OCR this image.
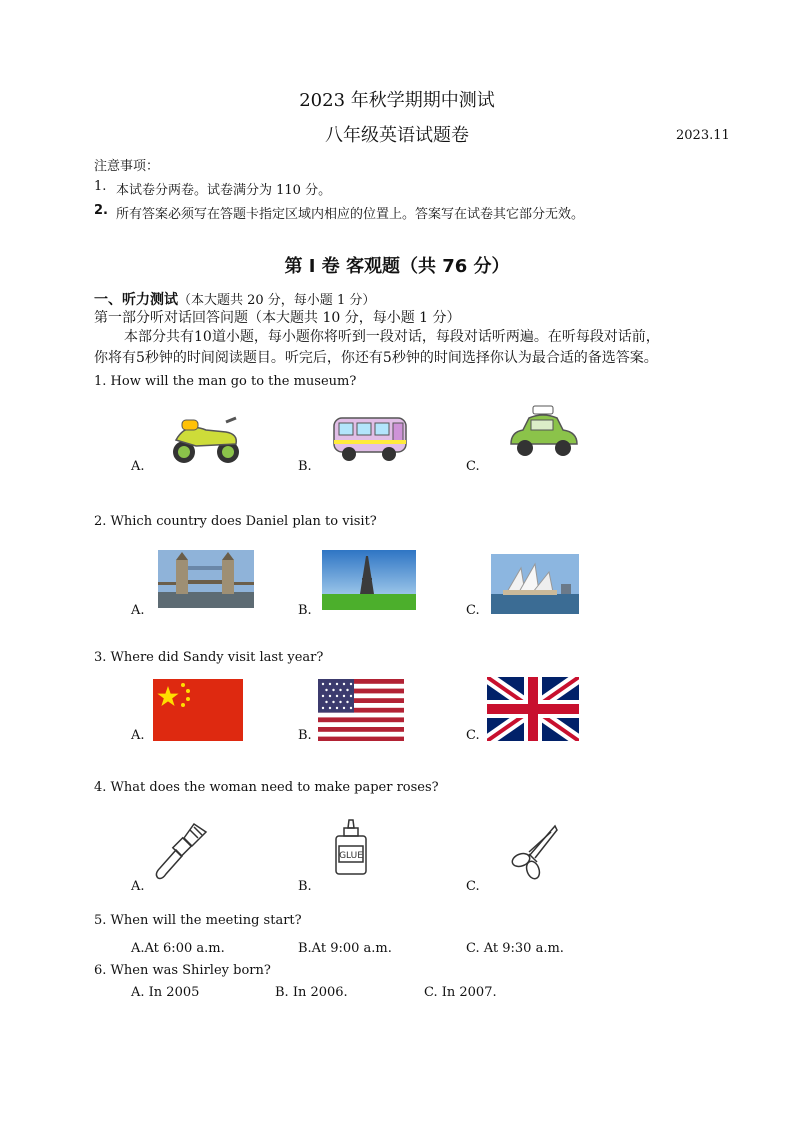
2023 年秋学期期中测试
八年级英语试题卷	2023.11
注意事项：
1. 本试卷分两卷。试卷满分为 110 分。
2. 所有答案必须写在答题卡指定区域内相应的位置上。答案写在试卷其它部分无效。
第 I 卷 客观题（共 76 分）
一、听力测试（本大题共 20 分，每小题 1 分）
第一部分听对话回答问题（本大题共 10 分，每小题 1 分）
本部分共有10道小题，每小题你将听到一段对话，每段对话听两遍。在听每段对话前，
你将有5秒钟的时间阅读题目。听完后，你还有5秒钟的时间选择你认为最合适的备选答案。
1. How will the man go to the museum?
A.	B.	C.
2. Which country does Daniel plan to visit?
A.	B.	C.
3. Where did Sandy visit last year?
A.	B.	C.
4. What does the woman need to make paper roses?
A.	B.	C.
GLUE
5. When will the meeting start?
A.At 6:00 a.m.	B.At 9:00 a.m.	C. At 9:30 a.m.
6. When was Shirley born?
A. In 2005	B. In 2006.	C. In 2007.
